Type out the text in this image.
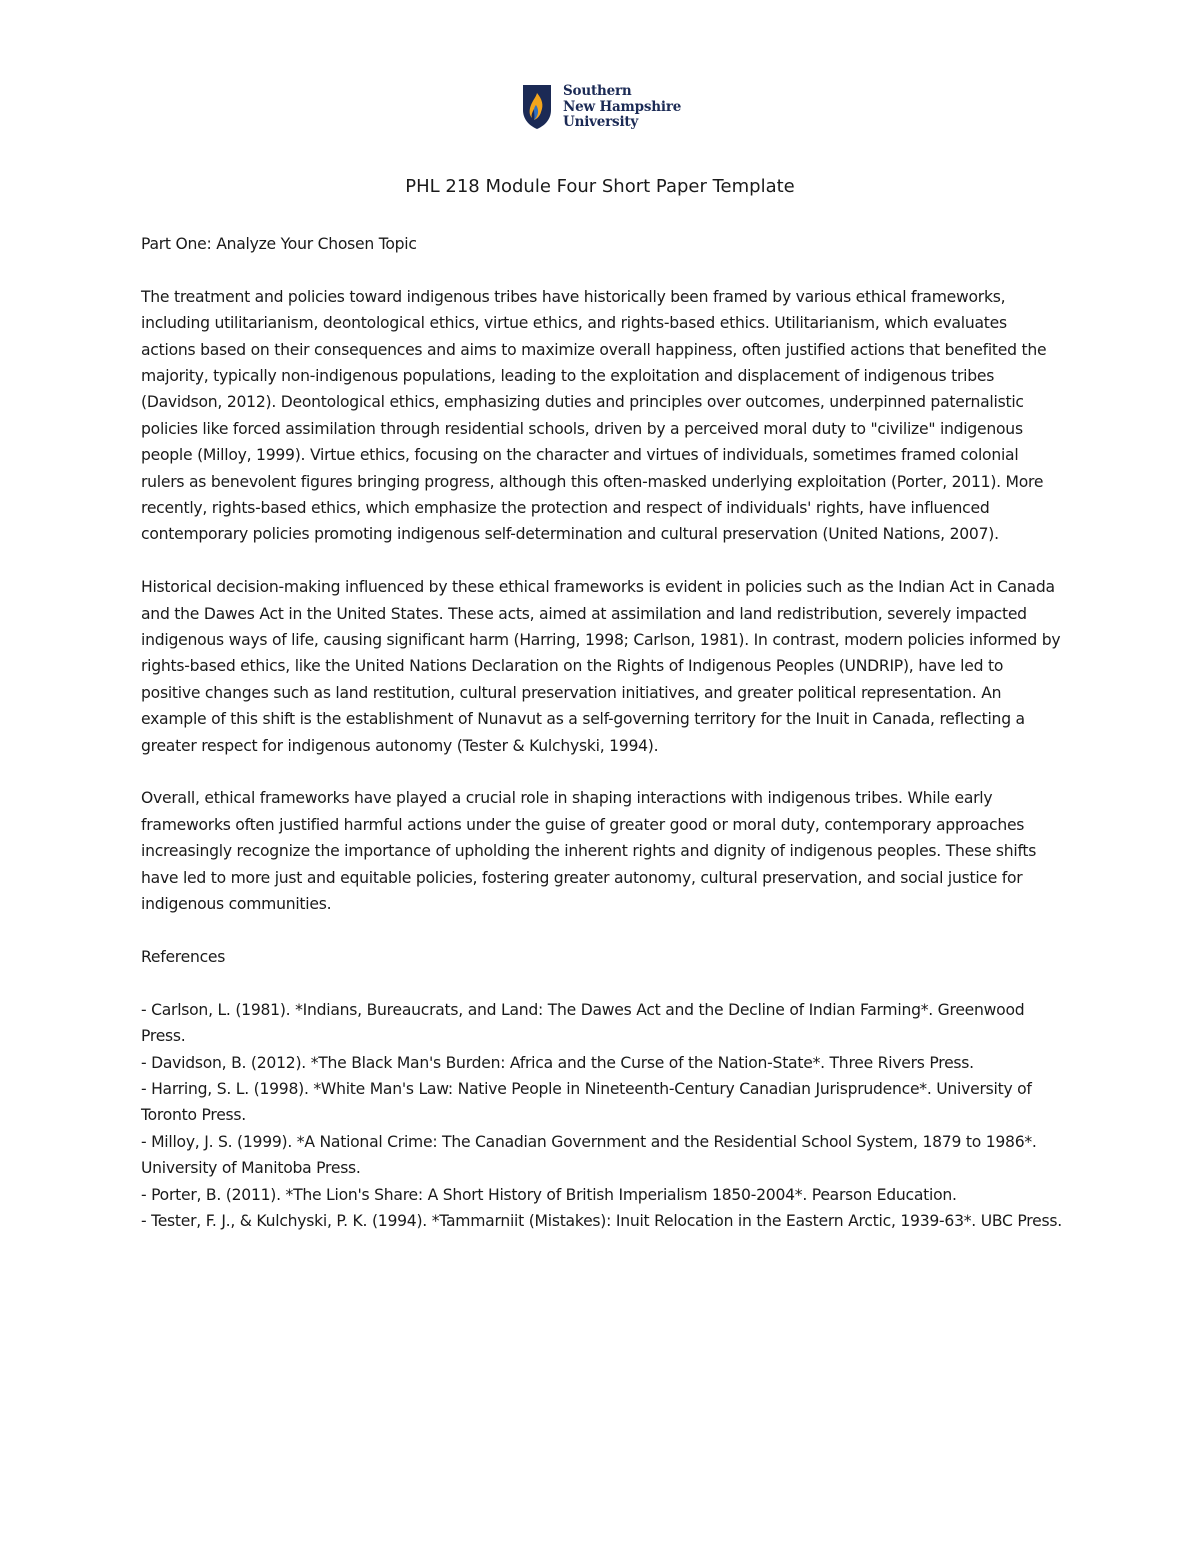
Southern
New Hampshire
University
PHL 218 Module Four Short Paper Template

Part One: Analyze Your Chosen Topic

The treatment and policies toward indigenous tribes have historically been framed by various ethical frameworks, including utilitarianism, deontological ethics, virtue ethics, and rights-based ethics. Utilitarianism, which evaluates actions based on their consequences and aims to maximize overall happiness, often justified actions that benefited the majority, typically non-indigenous populations, leading to the exploitation and displacement of indigenous tribes (Davidson, 2012). Deontological ethics, emphasizing duties and principles over outcomes, underpinned paternalistic policies like forced assimilation through residential schools, driven by a perceived moral duty to "civilize" indigenous people (Milloy, 1999). Virtue ethics, focusing on the character and virtues of individuals, sometimes framed colonial rulers as benevolent figures bringing progress, although this often-masked underlying exploitation (Porter, 2011). More recently, rights-based ethics, which emphasize the protection and respect of individuals' rights, have influenced contemporary policies promoting indigenous self-determination and cultural preservation (United Nations, 2007).

Historical decision-making influenced by these ethical frameworks is evident in policies such as the Indian Act in Canada and the Dawes Act in the United States. These acts, aimed at assimilation and land redistribution, severely impacted indigenous ways of life, causing significant harm (Harring, 1998; Carlson, 1981). In contrast, modern policies informed by rights-based ethics, like the United Nations Declaration on the Rights of Indigenous Peoples (UNDRIP), have led to positive changes such as land restitution, cultural preservation initiatives, and greater political representation. An example of this shift is the establishment of Nunavut as a self-governing territory for the Inuit in Canada, reflecting a greater respect for indigenous autonomy (Tester & Kulchyski, 1994).

Overall, ethical frameworks have played a crucial role in shaping interactions with indigenous tribes. While early frameworks often justified harmful actions under the guise of greater good or moral duty, contemporary approaches increasingly recognize the importance of upholding the inherent rights and dignity of indigenous peoples. These shifts have led to more just and equitable policies, fostering greater autonomy, cultural preservation, and social justice for indigenous communities.

References

- Carlson, L. (1981). *Indians, Bureaucrats, and Land: The Dawes Act and the Decline of Indian Farming*. Greenwood Press.
- Davidson, B. (2012). *The Black Man's Burden: Africa and the Curse of the Nation-State*. Three Rivers Press.
- Harring, S. L. (1998). *White Man's Law: Native People in Nineteenth-Century Canadian Jurisprudence*. University of Toronto Press.
- Milloy, J. S. (1999). *A National Crime: The Canadian Government and the Residential School System, 1879 to 1986*. University of Manitoba Press.
- Porter, B. (2011). *The Lion's Share: A Short History of British Imperialism 1850-2004*. Pearson Education.
- Tester, F. J., & Kulchyski, P. K. (1994). *Tammarniit (Mistakes): Inuit Relocation in the Eastern Arctic, 1939-63*. UBC Press.
